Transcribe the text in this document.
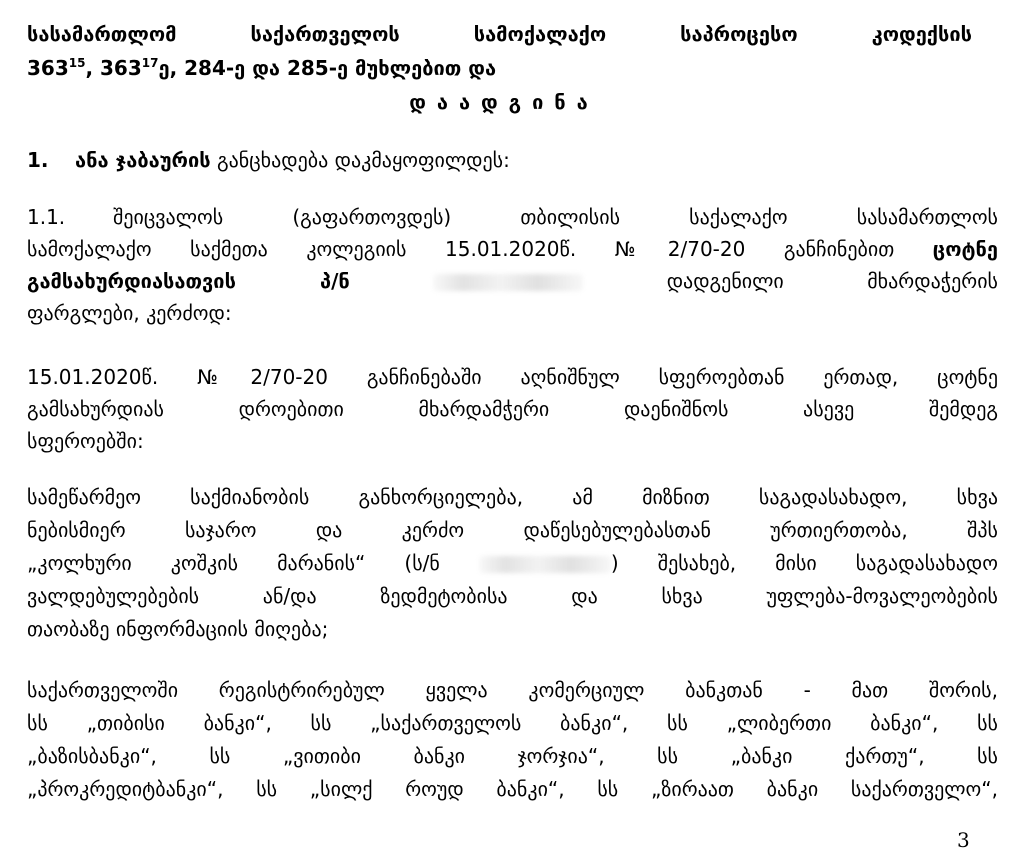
სასამართლომ საქართველოს სამოქალაქო საპროცესო კოდექსის
$363^{15}$, $363^{17}ე$, 284-ე და 285-ე მუხლებით და
დ ა ა დ გ ი ნ ა
1. ანა ჯაბაურის განცხადება დაკმაყოფილდეს:
1.1.	შეიცვალოს (გაფართოვდეს) თბილისის საქალაქო სასამართლოს
სამოქალაქო საქმეთა კოლეგიის 15.01.2020წ. №2/70-20 განჩინებით ცოტნე
გამსახურდიასათვის პ/ნ	დადგენილი მხარდაჭერის
ფარგლები, კერძოდ:
15.01.2020წ. №2/70-20 განჩინებაში აღნიშნულ სფეროებთან ერთად, ცოტნე
გამსახურდიას დროებითი მხარდამჭერი დაენიშნოს ასევე შემდეგ
სფეროებში:
სამეწარმეო საქმიანობის განხორციელება, ამ მიზნით საგადასახადო, სხვა
ნებისმიერ საჯარო და კერძო დაწესებულებასთან ურთიერთობა, შპს
„კოლხური კოშკის მარანის“ (ს/ნ	) შესახებ, მისი საგადასახადო
ვალდებულებების ან/და ზედმეტობისა და სხვა უფლება-მოვალეობების
თაობაზე ინფორმაციის მიღება;
საქართველოში რეგისტრირებულ ყველა კომერციულ ბანკთან - მათ შორის,
სს „თიბისი ბანკი“, სს „საქართველოს ბანკი“, სს „ლიბერთი ბანკი“, სს
„ბაზისბანკი“, სს „ვითიბი ბანკი ჯორჯია“, სს „ბანკი ქართუ“, სს
„პროკრედიტბანკი“, სს „სილქ როუდ ბანკი“, სს „ზირაათ ბანკი საქართველო“,
3
